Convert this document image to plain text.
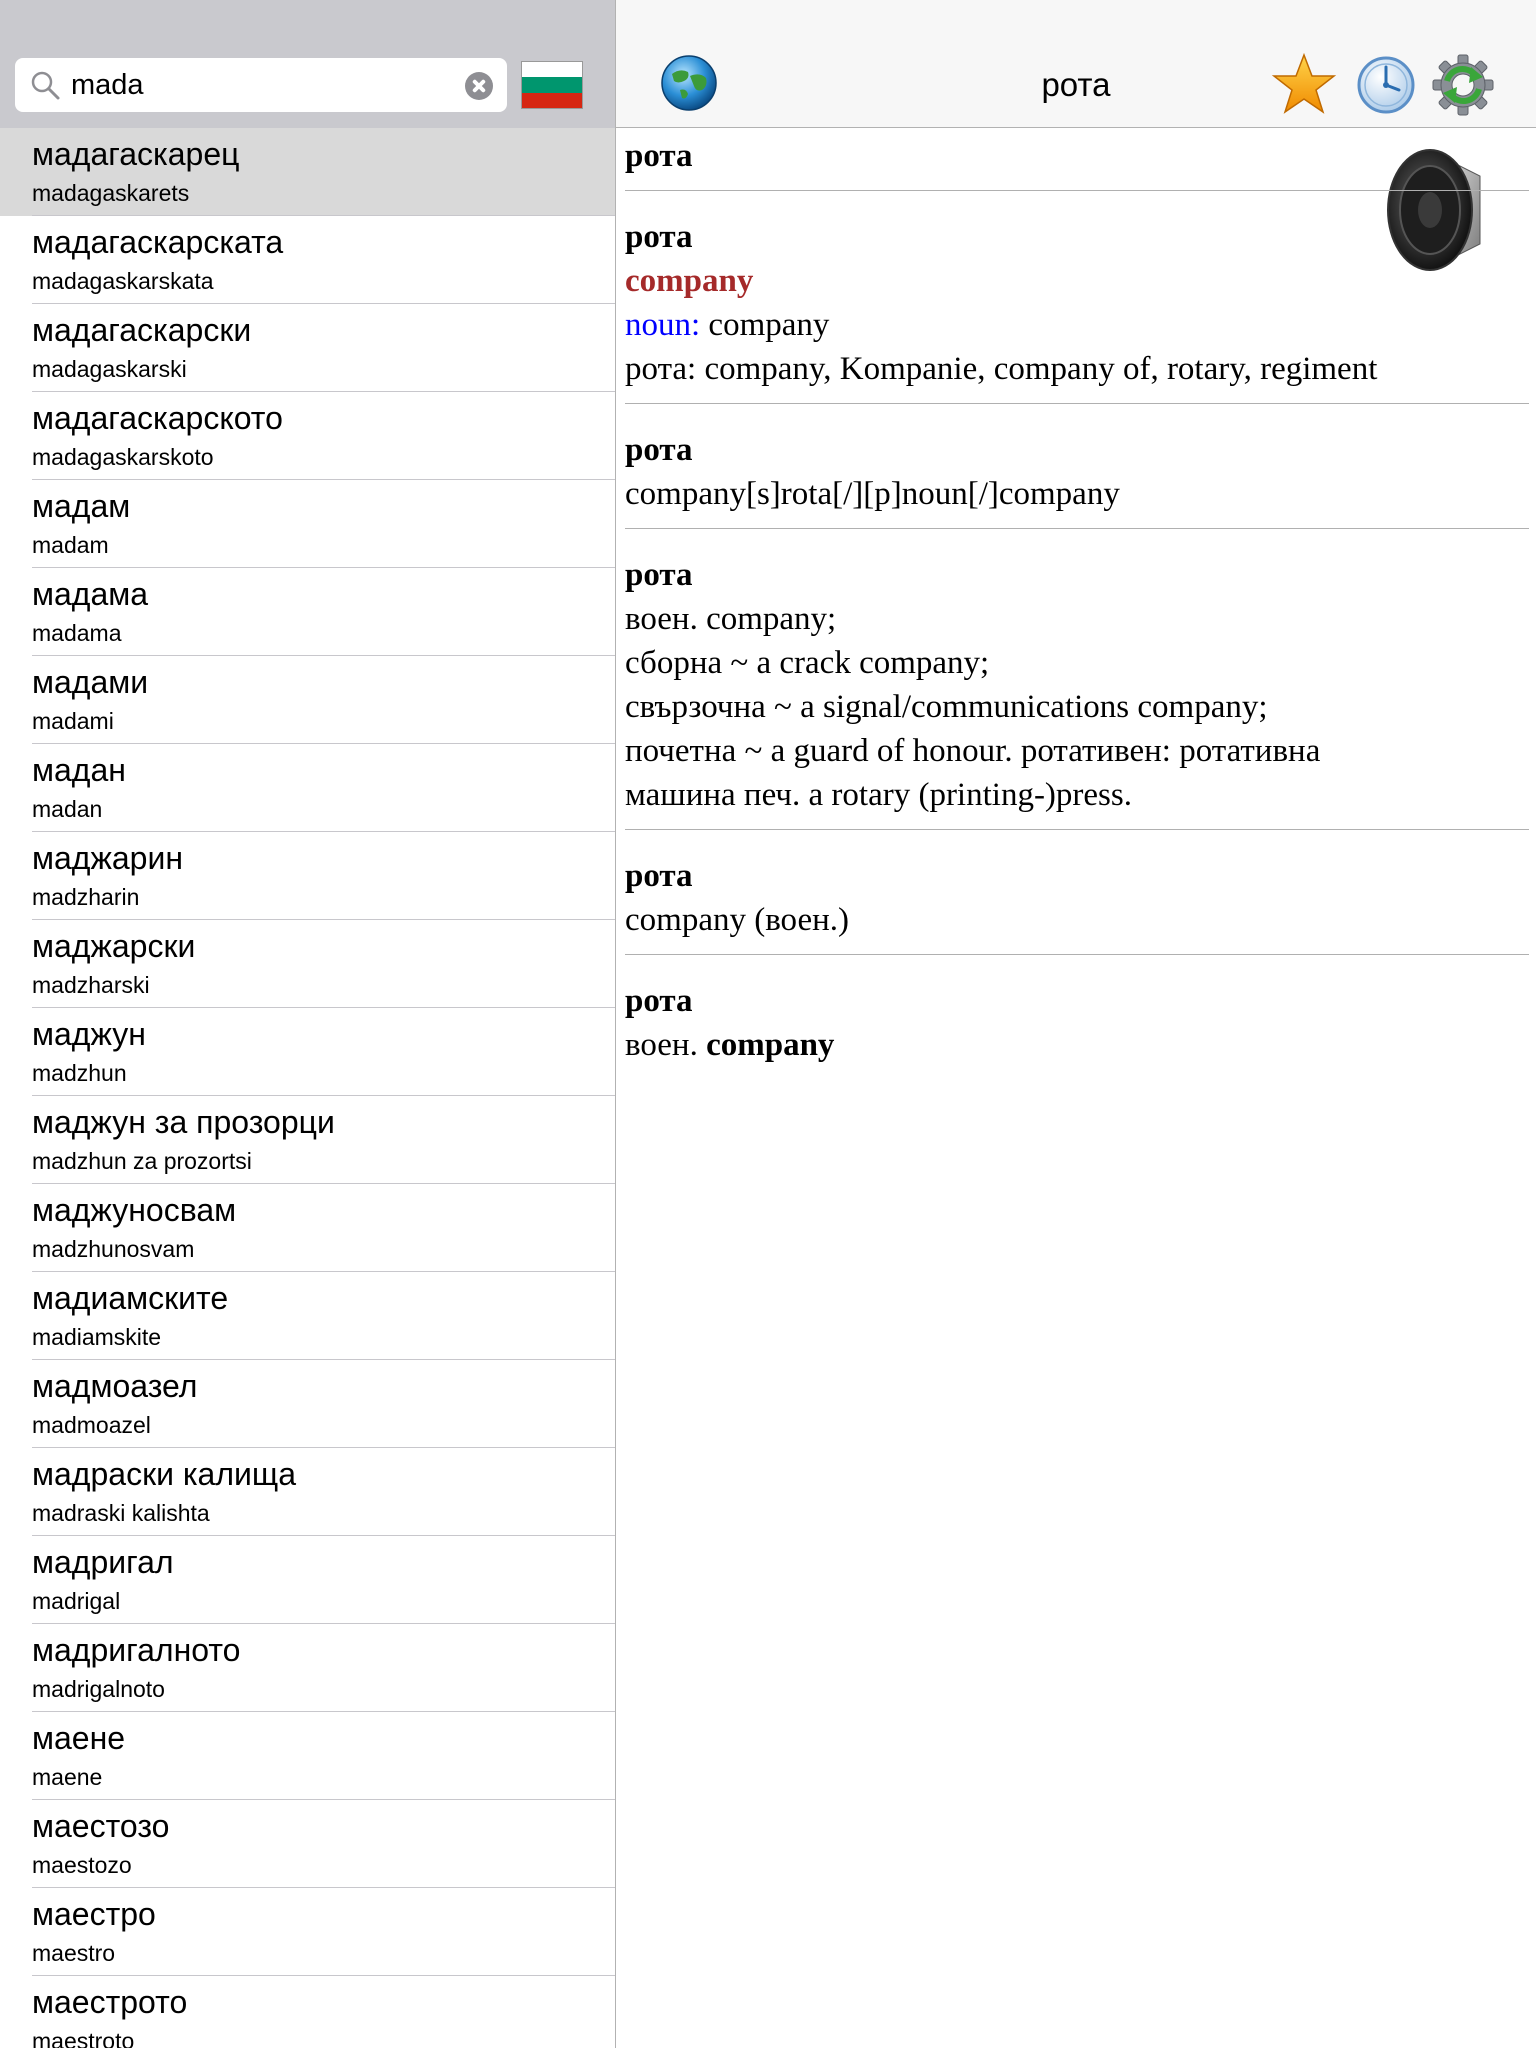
mada
рота
мадагаскарец
madagaskarets
мадагаскарската
madagaskarskata
мадагаскарски
madagaskarski
мадагаскарското
madagaskarskoto
мадам
madam
мадама
madama
мадами
madami
мадан
madan
маджарин
madzharin
маджарски
madzharski
маджун
madzhun
маджун за прозорци
madzhun za prozortsi
маджуносвам
madzhunosvam
мадиамските
madiamskite
мадмоазел
madmoazel
мадраски калища
madraski kalishta
мадригал
madrigal
мадригалното
madrigalnoto
маене
maene
маестозо
maestozo
маестро
maestro
маестрото
maestroto
рота
рота
company
noun: company
рота: company, Kompanie, company of, rotary, regiment
рота
company[s]rota[/][p]noun[/]company
рота
воен. company;
сборна ~ a crack company;
свързочна ~ a signal/communications company;
почетна ~ a guard of honour. ротативен: ротативна
машина печ. a rotary (printing-)press.
рота
company (воен.)
рота
воен. company
